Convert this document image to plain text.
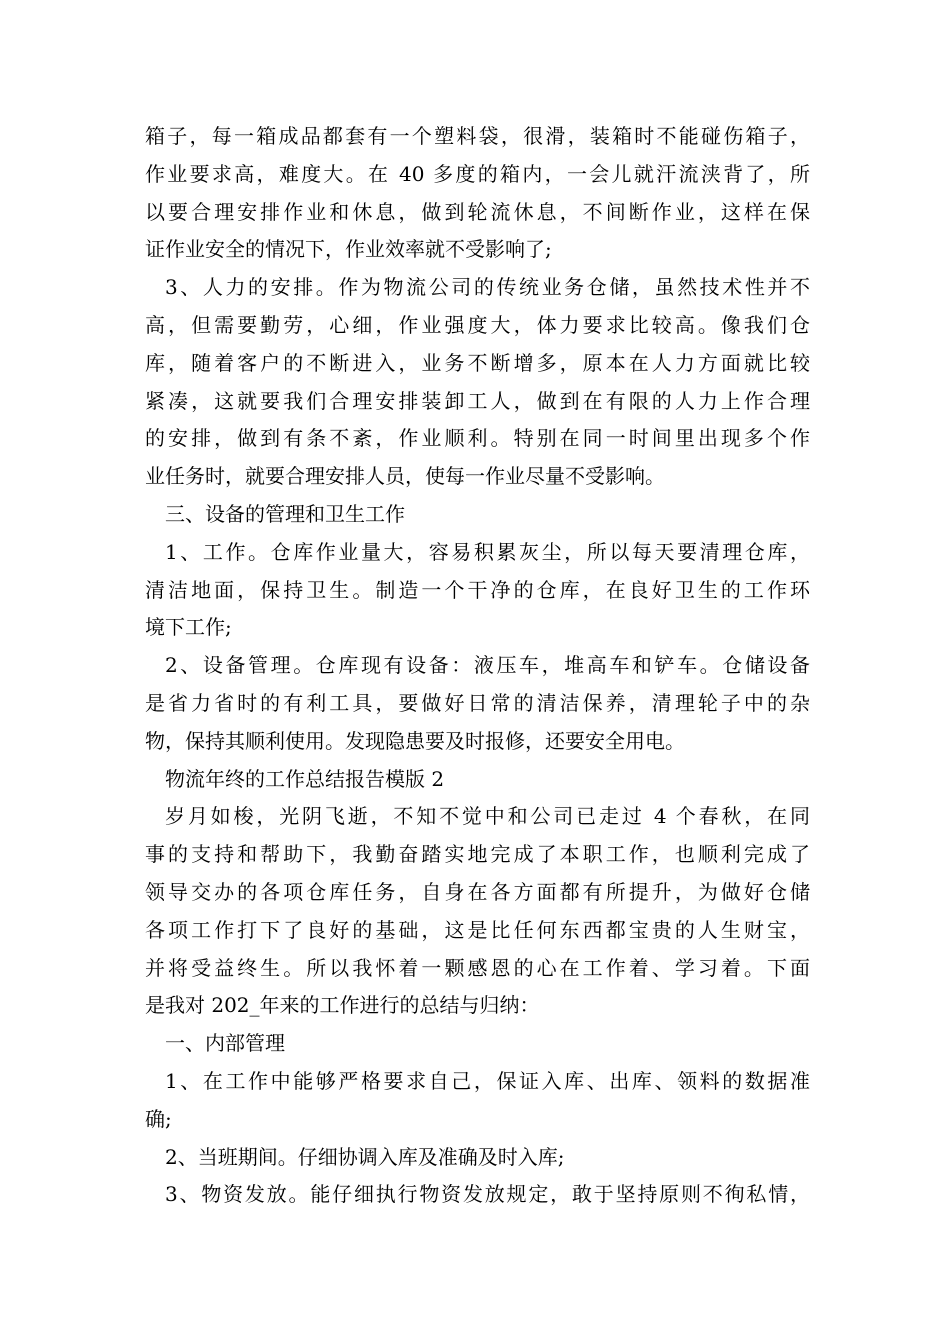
箱子，每一箱成品都套有一个塑料袋，很滑，装箱时不能碰伤箱子，
作业要求高，难度大。在 40 多度的箱内，一会儿就汗流浃背了，所
以要合理安排作业和休息，做到轮流休息，不间断作业，这样在保
证作业安全的情况下，作业效率就不受影响了;
3、人力的安排。作为物流公司的传统业务仓储，虽然技术性并不
高，但需要勤劳，心细，作业强度大，体力要求比较高。像我们仓
库，随着客户的不断进入，业务不断增多，原本在人力方面就比较
紧凑，这就要我们合理安排装卸工人，做到在有限的人力上作合理
的安排，做到有条不紊，作业顺利。特别在同一时间里出现多个作
业任务时，就要合理安排人员，使每一作业尽量不受影响。
三、设备的管理和卫生工作
1、工作。仓库作业量大，容易积累灰尘，所以每天要清理仓库，
清洁地面，保持卫生。制造一个干净的仓库，在良好卫生的工作环
境下工作;
2、设备管理。仓库现有设备：液压车，堆高车和铲车。仓储设备
是省力省时的有利工具，要做好日常的清洁保养，清理轮子中的杂
物，保持其顺利使用。发现隐患要及时报修，还要安全用电。
物流年终的工作总结报告模版 2
岁月如梭，光阴飞逝，不知不觉中和公司已走过 4 个春秋，在同
事的支持和帮助下，我勤奋踏实地完成了本职工作，也顺利完成了
领导交办的各项仓库任务，自身在各方面都有所提升，为做好仓储
各项工作打下了良好的基础，这是比任何东西都宝贵的人生财宝，
并将受益终生。所以我怀着一颗感恩的心在工作着、学习着。下面
是我对 202_年来的工作进行的总结与归纳：
一、内部管理
1、在工作中能够严格要求自己，保证入库、出库、领料的数据准
确;
2、当班期间。仔细协调入库及准确及时入库;
3、物资发放。能仔细执行物资发放规定，敢于坚持原则不徇私情，
